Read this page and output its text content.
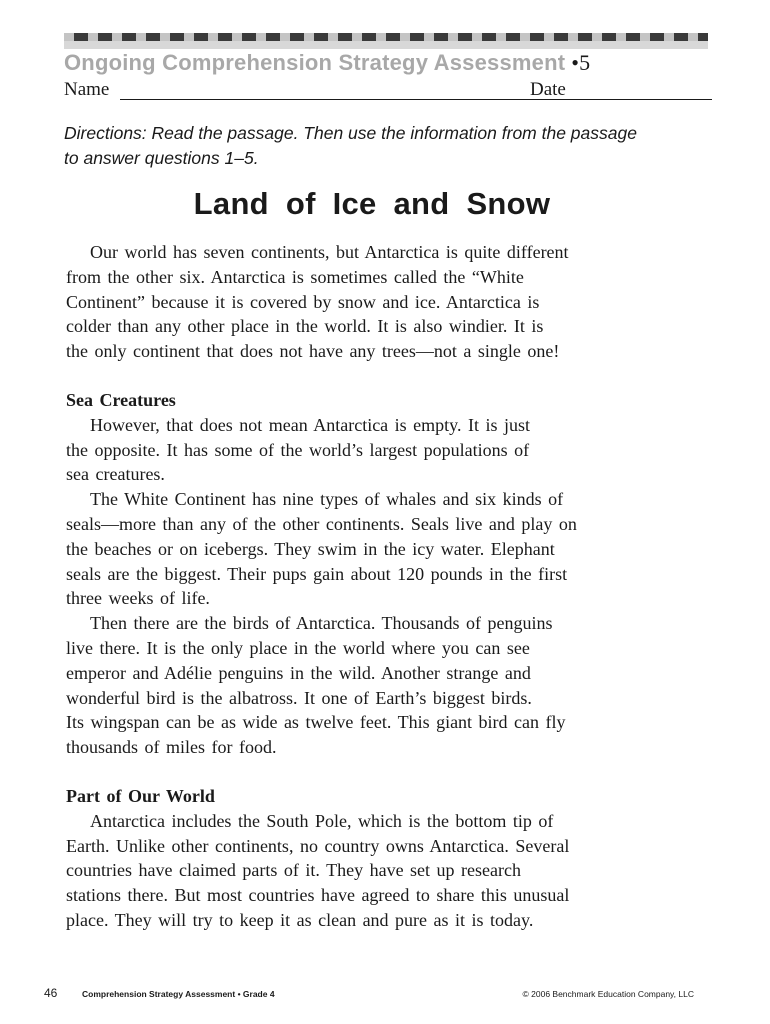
Ongoing Comprehension Strategy Assessment •5
Name	Date
Directions: Read the passage. Then use the information from the passage
to answer questions 1–5.
Land of Ice and Snow
Our world has seven continents, but Antarctica is quite different
from the other six. Antarctica is sometimes called the “White
Continent” because it is covered by snow and ice. Antarctica is
colder than any other place in the world. It is also windier. It is
the only continent that does not have any trees—not a single one!
Sea Creatures
However, that does not mean Antarctica is empty. It is just
the opposite. It has some of the world’s largest populations of
sea creatures.
The White Continent has nine types of whales and six kinds of
seals—more than any of the other continents. Seals live and play on
the beaches or on icebergs. They swim in the icy water. Elephant
seals are the biggest. Their pups gain about 120 pounds in the first
three weeks of life.
Then there are the birds of Antarctica. Thousands of penguins
live there. It is the only place in the world where you can see
emperor and Adélie penguins in the wild. Another strange and
wonderful bird is the albatross. It one of Earth’s biggest birds.
Its wingspan can be as wide as twelve feet. This giant bird can fly
thousands of miles for food.
Part of Our World
Antarctica includes the South Pole, which is the bottom tip of
Earth. Unlike other continents, no country owns Antarctica. Several
countries have claimed parts of it. They have set up research
stations there. But most countries have agreed to share this unusual
place. They will try to keep it as clean and pure as it is today.
46	Comprehension Strategy Assessment • Grade 4	© 2006 Benchmark Education Company, LLC
